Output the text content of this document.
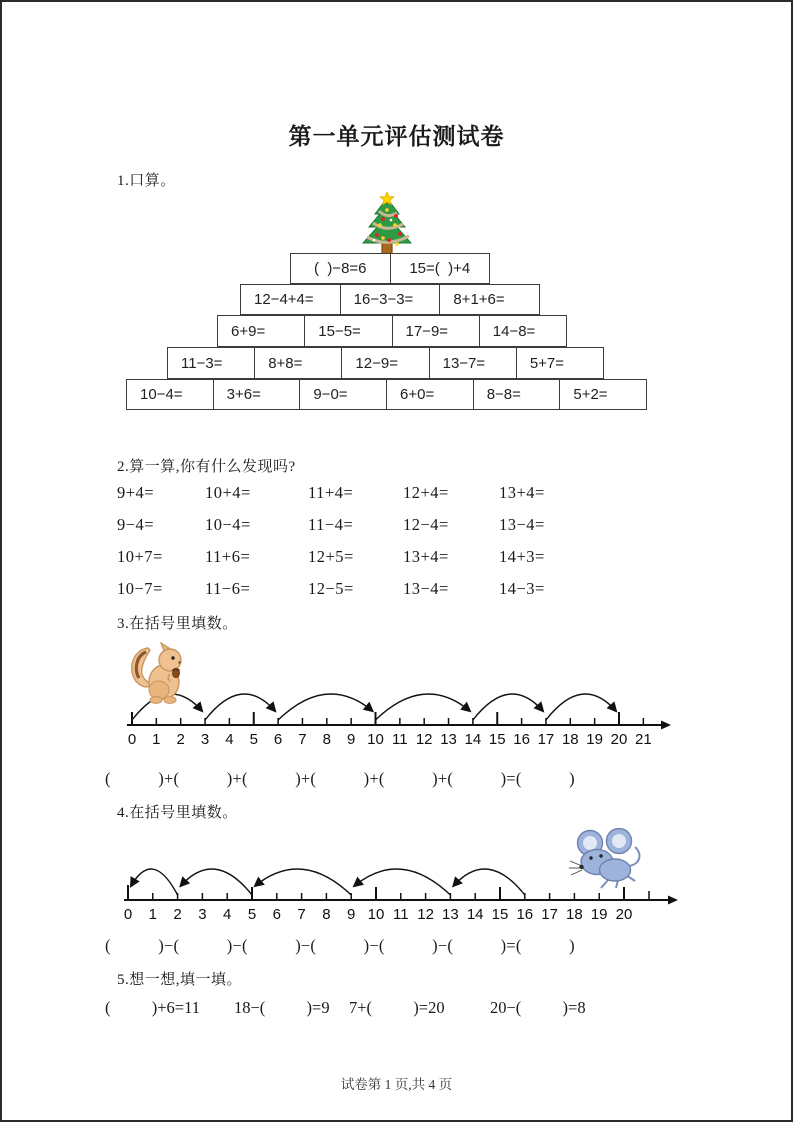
第一单元评估测试卷
1.口算。
(  )−8=6	15=(  )+4
12−4+4=	16−3−3=	8+1+6=
6+9=	15−5=	17−9=	14−8=
11−3=	8+8=	12−9=	13−7=	5+7=
10−4=	3+6=	9−0=	6+0=	8−8=	5+2=
2.算一算,你有什么发现吗?
9+4=	10+4=	11+4=	12+4=	13+4=
9−4=	10−4=	11−4=	12−4=	13−4=
10+7=	11+6=	12+5=	13+4=	14+3=
10−7=	11−6=	12−5=	13−4=	14−3=
3.在括号里填数。
0 1 2 3 4 5 6 7 8 9 10 11 12 13 14 15 16 17 18 19 20 21
(           )+(           )+(           )+(           )+(           )+(           )=(           )
4.在括号里填数。
0 1 2 3 4 5 6 7 8 9 10 11 12 13 14 15 16 17 18 19 20
(           )−(           )−(           )−(           )−(           )−(           )=(           )
5.想一想,填一填。
(          )+6=11 18−(          )=9 7+(          )=20	20−(          )=8
试卷第 1 页,共 4 页
